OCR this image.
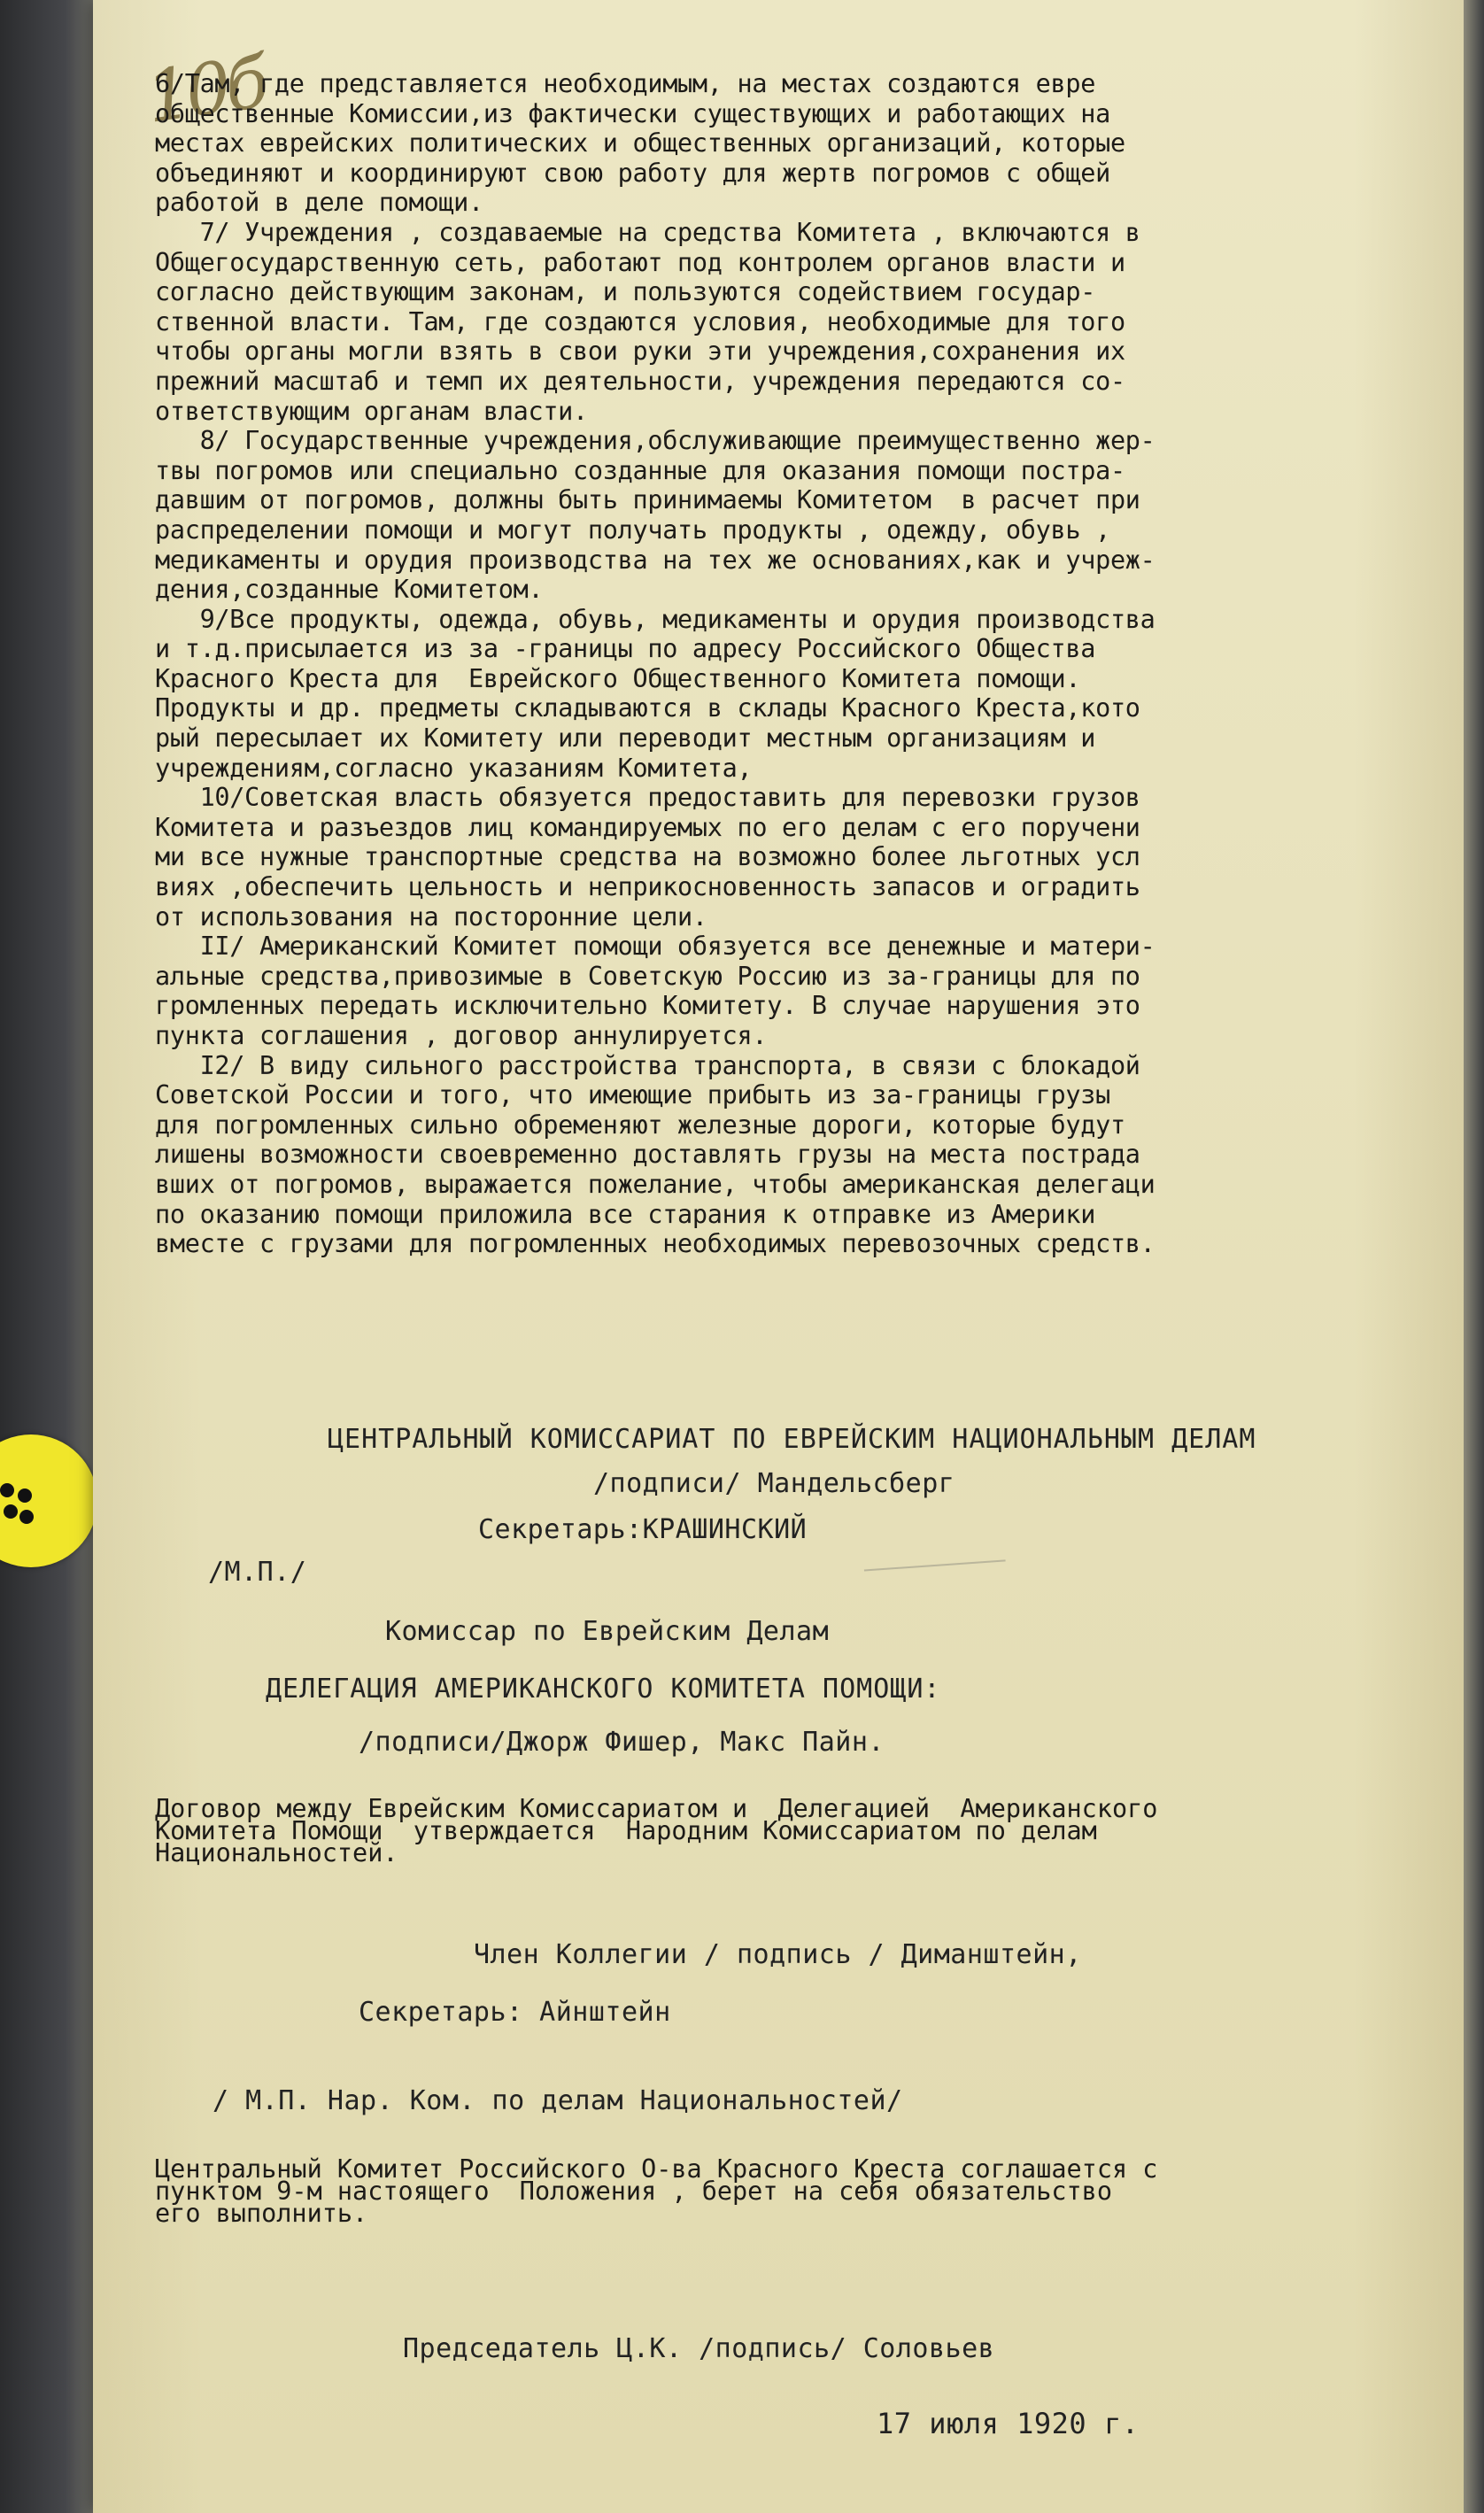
10б
6/Там, где представляется необходимым, на местах создаются евре
общественные Комиссии,из фактически существующих и работающих на
местах еврейских политических и общественных организаций, которые
объединяют и координируют свою работу для жертв погромов с общей
работой в деле помощи.
7/ Учреждения , создаваемые на средства Комитета , включаются в
Общегосударственную сеть, работают под контролем органов власти и
согласно действующим законам, и пользуются содействием государ-
ственной власти. Там, где создаются условия, необходимые для того
чтобы органы могли взять в свои руки эти учреждения,сохранения их
прежний масштаб и темп их деятельности, учреждения передаются со-
ответствующим органам власти.
8/ Государственные учреждения,обслуживающие преимущественно жер-
твы погромов или специально созданные для оказания помощи пострa-
давшим от погромов, должны быть принимаемы Комитетом  в расчет при
распределении помощи и могут получать продукты , одежду, обувь ,
медикаменты и орудия производства на тех же основаниях,как и учреж-
дения,созданные Комитетом.
9/Все продукты, одежда, обувь, медикаменты и орудия производства
и т.д.присылается из за -границы по адресу Российского Общества
Красного Креста для  Еврейского Общественного Комитета помощи.
Продукты и др. предметы складываются в склады Красного Креста,кото
рый пересылает их Комитету или переводит местным организациям и
учреждениям,согласно указаниям Комитета,
10/Советская власть обязуется предоставить для перевозки грузов
Комитета и разъездов лиц командируемых по его делам с его поручени
ми все нужные транспортные средства на возможно более льготных усл
виях ,обеспечить цельность и неприкосновенность запасов и оградить
от использования на посторонние цели.
II/ Американский Комитет помощи обязуется все денежные и матери-
альные средства,привозимые в Советскую Россию из за-границы для по
громленных передать исключительно Комитету. В случае нарушения это
пункта соглашения , договор аннулируется.
I2/ В виду сильного расстройства транспорта, в связи с блокадой
Советской России и того, что имеющие прибыть из за-границы грузы
для погромленных сильно обременяют железные дороги, которые будут
лишены возможности своевременно доставлять грузы на места пострада
вших от погромов, выражается пожелание, чтобы американская делегаци
по оказанию помощи приложила все старания к отправке из Америки
вместе с грузами для погромленных необходимых перевозочных средств.
ЦЕНТРАЛЬНЫЙ КОМИССАРИАТ ПО ЕВРЕЙСКИМ НАЦИОНАЛЬНЫМ ДЕЛАМ
/подписи/ Мандельсберг
Секретарь:КРАШИНСКИЙ
/М.П./
Комиссар по Еврейским Делам
ДЕЛЕГАЦИЯ АМЕРИКАНСКОГО КОМИТЕТА ПОМОЩИ:
/подписи/Джорж Фишер, Макс Пайн.
Договор между Еврейским Комиссариатом и  Делегацией  Американского
Комитета Помощи  утверждается  Народним Комиссариатом по делам
Национальностей.
Член Коллегии / подпись / Диманштейн,
Секретарь: Айнштейн
/ М.П. Нар. Ком. по делам Национальностей/
Центральный Комитет Российского О-ва Красного Креста соглашается с
пунктом 9-м настоящего  Положения , берет на себя обязательство
его выполнить.
Председатель Ц.К. /подпись/ Соловьев
17 июля 1920 г.
